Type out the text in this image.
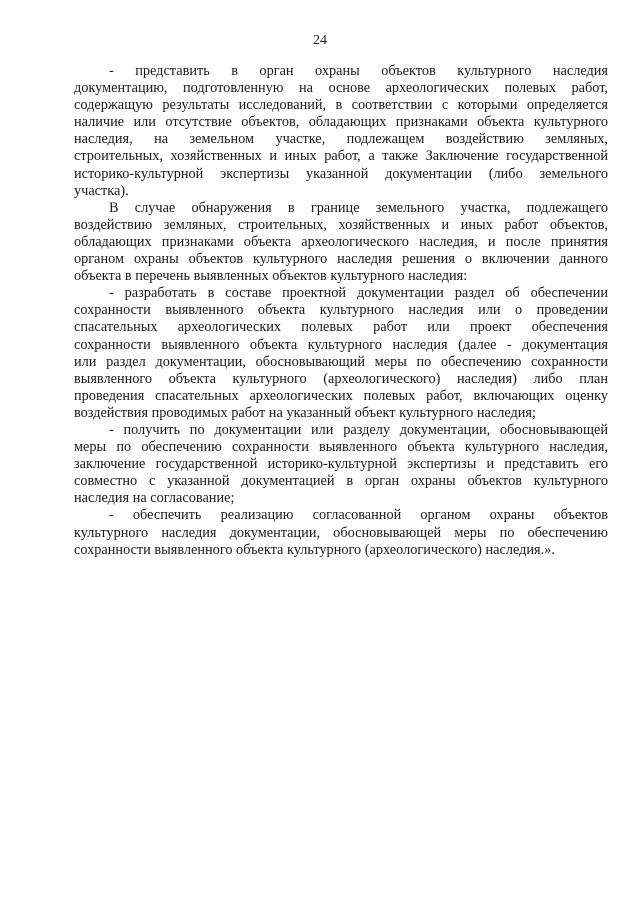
24
- представить в орган охраны объектов культурного наследия
документацию, подготовленную на основе археологических полевых работ,
содержащую результаты исследований, в соответствии с которыми определяется
наличие или отсутствие объектов, обладающих признаками объекта культурного
наследия, на земельном участке, подлежащем воздействию земляных,
строительных, хозяйственных и иных работ, а также Заключение государственной
историко-культурной экспертизы указанной документации (либо земельного
участка).
В случае обнаружения в границе земельного участка, подлежащего
воздействию земляных, строительных, хозяйственных и иных работ объектов,
обладающих признаками объекта археологического наследия, и после принятия
органом охраны объектов культурного наследия решения о включении данного
объекта в перечень выявленных объектов культурного наследия:
- разработать в составе проектной документации раздел об обеспечении
сохранности выявленного объекта культурного наследия или о проведении
спасательных археологических полевых работ или проект обеспечения
сохранности выявленного объекта культурного наследия (далее - документация
или раздел документации, обосновывающий меры по обеспечению сохранности
выявленного объекта культурного (археологического) наследия) либо план
проведения спасательных археологических полевых работ, включающих оценку
воздействия проводимых работ на указанный объект культурного наследия;
- получить по документации или разделу документации, обосновывающей
меры по обеспечению сохранности выявленного объекта культурного наследия,
заключение государственной историко-культурной экспертизы и представить его
совместно с указанной документацией в орган охраны объектов культурного
наследия на согласование;
- обеспечить реализацию согласованной органом охраны объектов
культурного наследия документации, обосновывающей меры по обеспечению
сохранности выявленного объекта культурного (археологического) наследия.».
